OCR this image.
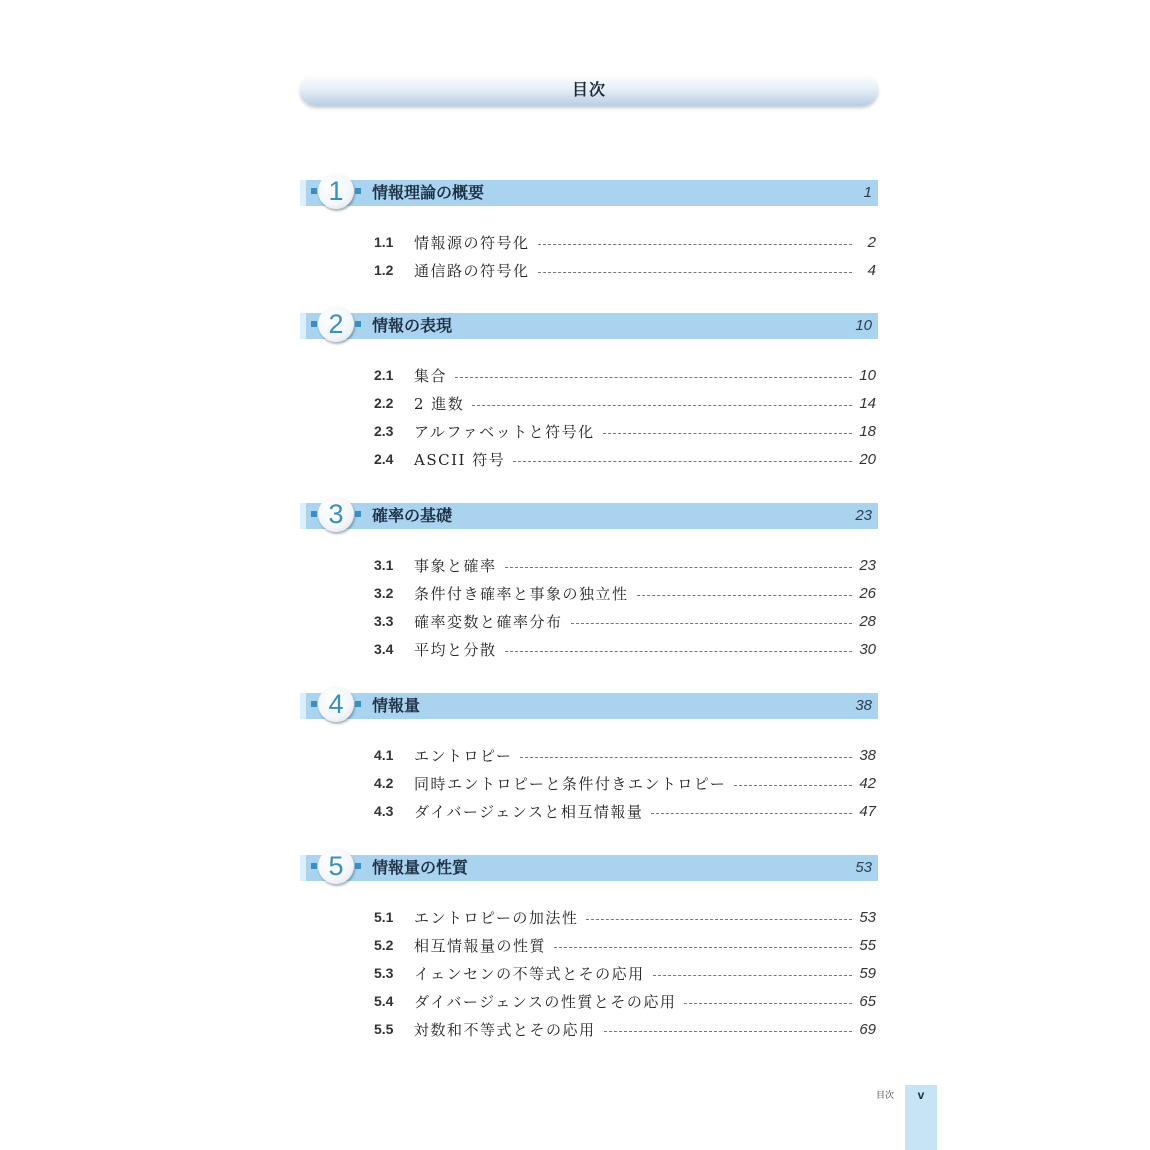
目次
1	情報理論の概要	1
1.1	情報源の符号化	2
1.2	通信路の符号化	4
2	情報の表現	10
2.1	集合	10
2.2	2 進数	14
2.3	アルファベットと符号化	18
2.4	ASCII 符号	20
3	確率の基礎	23
3.1	事象と確率	23
3.2	条件付き確率と事象の独立性	26
3.3	確率変数と確率分布	28
3.4	平均と分散	30
4	情報量	38
4.1	エントロピー	38
4.2	同時エントロピーと条件付きエントロピー	42
4.3	ダイバージェンスと相互情報量	47
5	情報量の性質	53
5.1	エントロピーの加法性	53
5.2	相互情報量の性質	55
5.3	イェンセンの不等式とその応用	59
5.4	ダイバージェンスの性質とその応用	65
5.5	対数和不等式とその応用	69
目次	v
